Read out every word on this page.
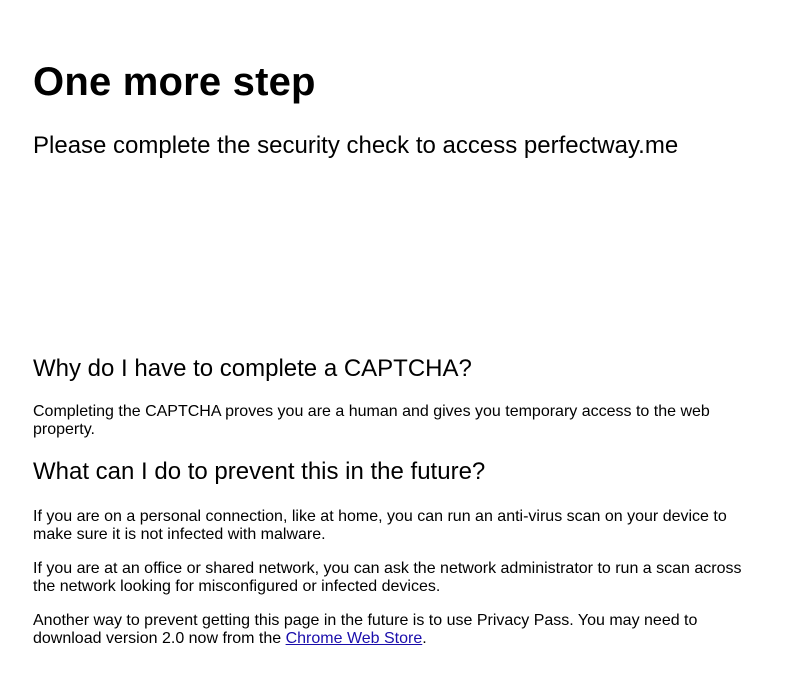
One more step
Please complete the security check to access perfectway.me
Why do I have to complete a CAPTCHA?

Completing the CAPTCHA proves you are a human and gives you temporary access to the web property.

What can I do to prevent this in the future?

If you are on a personal connection, like at home, you can run an anti-virus scan on your device to make sure it is not infected with malware.

If you are at an office or shared network, you can ask the network administrator to run a scan across the network looking for misconfigured or infected devices.

Another way to prevent getting this page in the future is to use Privacy Pass. You may need to download version 2.0 now from the Chrome Web Store.
